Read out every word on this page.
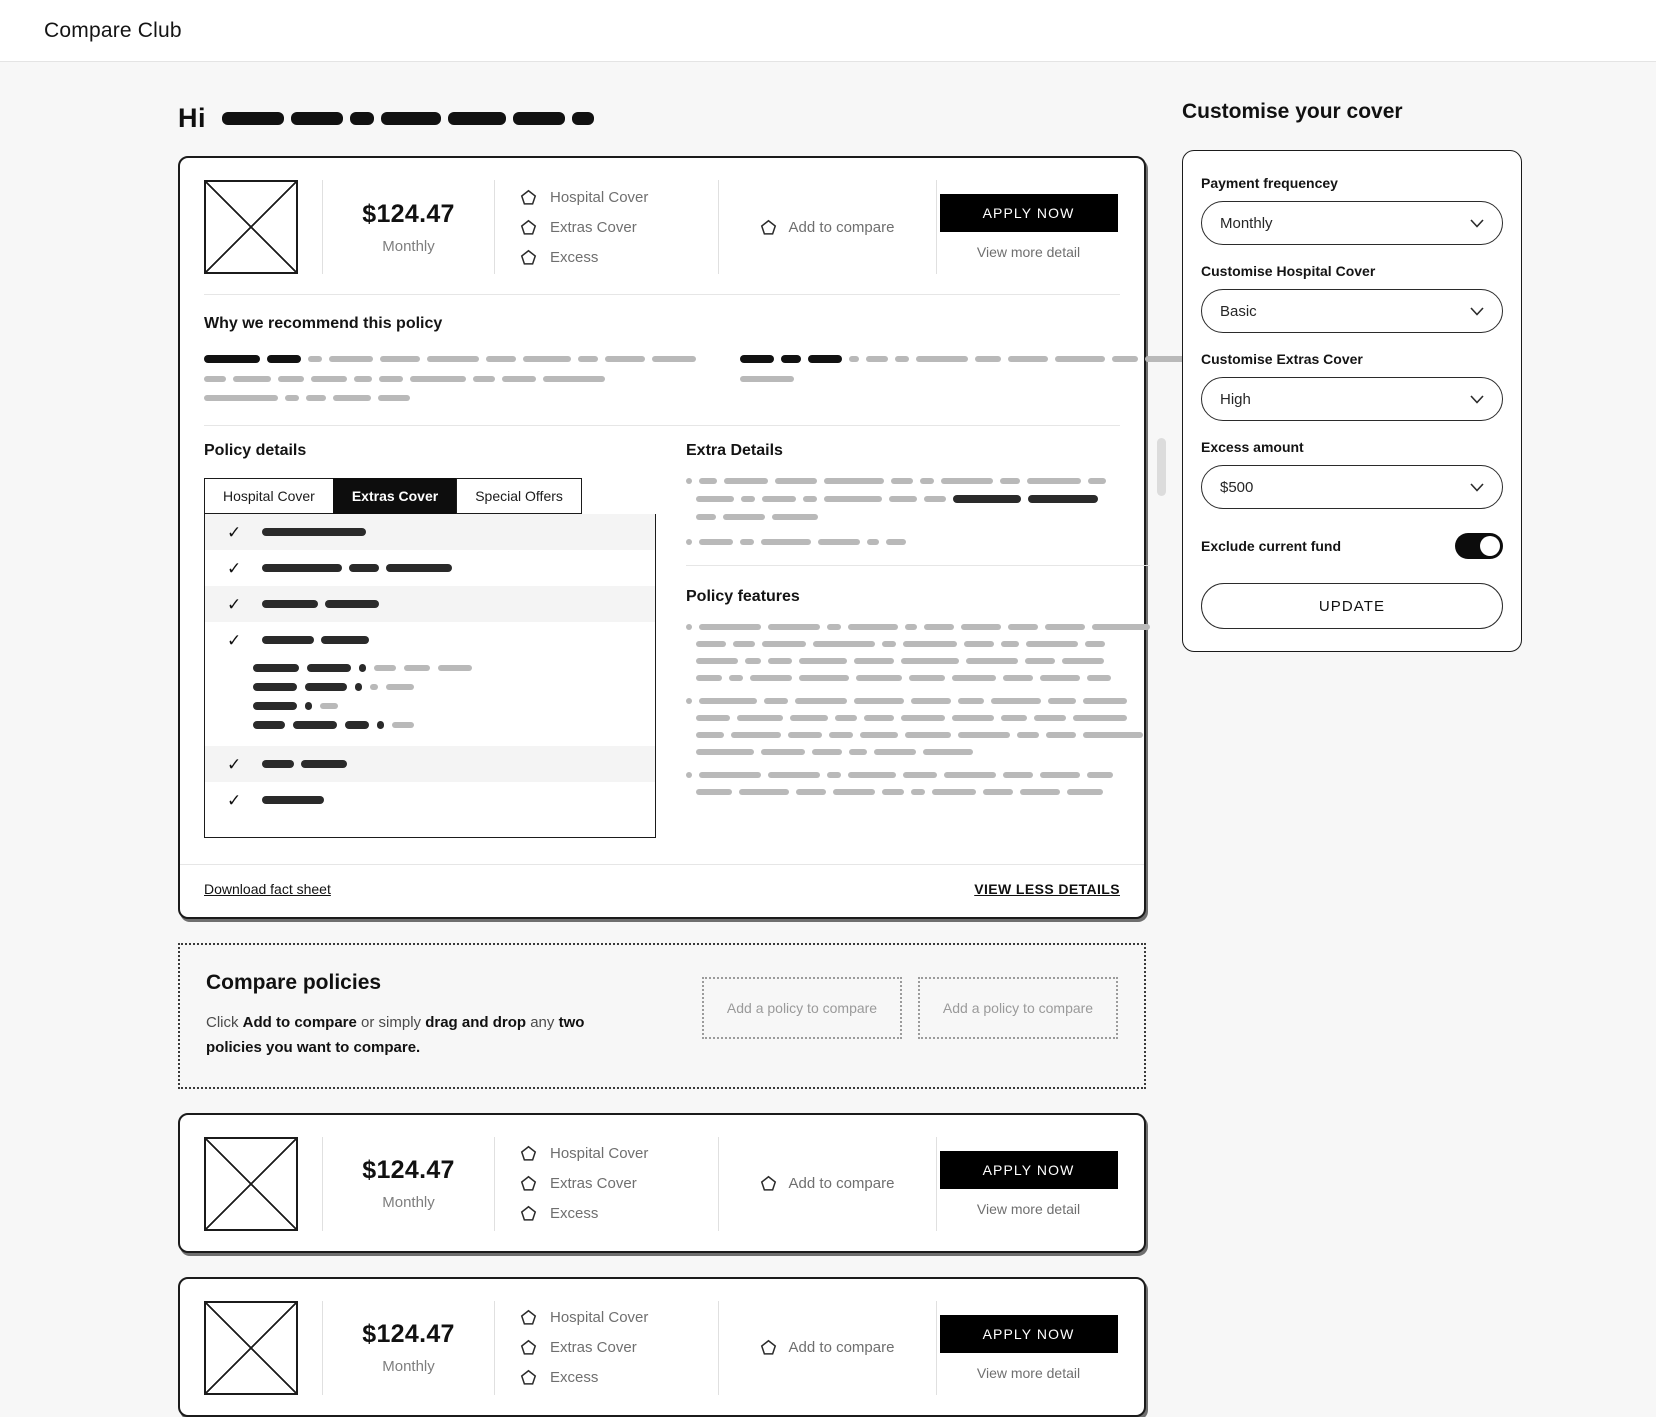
Compare Club
Hi
$124.47
Monthly
Hospital Cover
Extras Cover
Excess
Add to compare
APPLY NOW
View more detail
Why we recommend this policy
Policy details
Hospital Cover	Extras Cover	Special Offers
✓
✓
✓
✓
✓
✓
Extra Details
Policy features
Download fact sheet	VIEW LESS DETAILS
Compare policies
Click Add to compare or simply drag and drop any two policies you want to compare.
Add a policy to compare	Add a policy to compare
$124.47
Monthly
Hospital Cover
Extras Cover
Excess
Add to compare
APPLY NOW
View more detail
$124.47
Monthly
Hospital Cover
Extras Cover
Excess
Add to compare
APPLY NOW
View more detail
Customise your cover
Payment frequencey
Monthly
Customise Hospital Cover
Basic
Customise Extras Cover
High
Excess amount
$500
Exclude current fund
UPDATE
